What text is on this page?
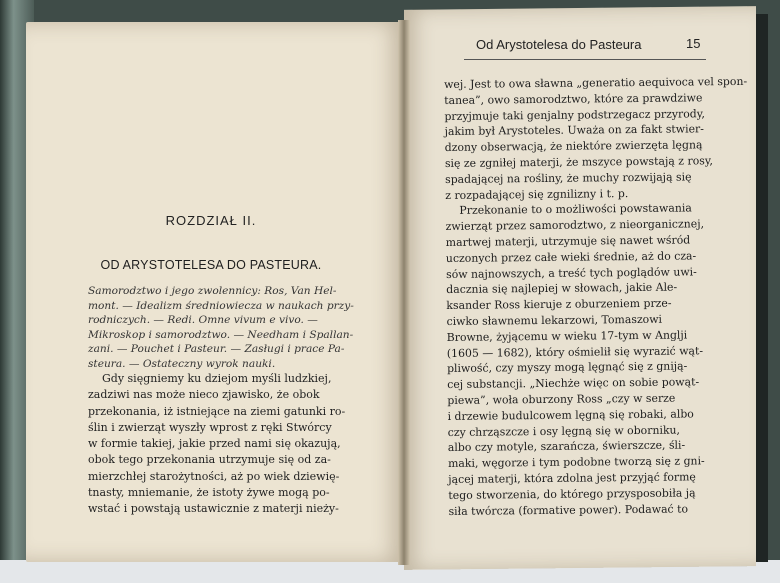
ROZDZIAŁ II.
OD ARYSTOTELESA DO PASTEURA.
Samorodztwo i jego zwolennicy: Ros, Van Hel-
mont. — Idealizm średniowiecza w naukach przy-
rodniczych. — Redi. Omne vivum e vivo. —
Mikroskop i samorodztwo. — Needham i Spallan-
zani. — Pouchet i Pasteur. — Zasługi i prace Pa-
steura. — Ostateczny wyrok nauki.
Gdy sięgniemy ku dziejom myśli ludzkiej,
zadziwi nas może nieco zjawisko, że obok
przekonania, iż istniejące na ziemi gatunki ro-
ślin i zwierząt wyszły wprost z ręki Stwórcy
w formie takiej, jakie przed nami się okazują,
obok tego przekonania utrzymuje się od za-
mierzchłej starożytności, aż po wiek dziewię-
tnasty, mniemanie, że istoty żywe mogą po-
wstać i powstają ustawicznie z materji nieży-
Od Arystotelesa do Pasteura	15
wej. Jest to owa sławna „generatio aequivoca vel spon-
tanea”, owo samorodztwo, które za prawdziwe
przyjmuje taki genjalny podstrzegacz przyrody,
jakim był Arystoteles. Uważa on za fakt stwier-
dzony obserwacją, że niektóre zwierzęta lęgną
się ze zgniłej materji, że mszyce powstają z rosy,
spadającej na rośliny, że muchy rozwijają się
z rozpadającej się zgnilizny i t. p.
Przekonanie to o możliwości powstawania
zwierząt przez samorodztwo, z nieorganicznej,
martwej materji, utrzymuje się nawet wśród
uczonych przez całe wieki średnie, aż do cza-
sów najnowszych, a treść tych poglądów uwi-
dacznia się najlepiej w słowach, jakie Ale-
ksander Ross kieruje z oburzeniem prze-
ciwko sławnemu lekarzowi, Tomaszowi
Browne, żyjącemu w wieku 17-tym w Anglji
(1605 — 1682), który ośmielił się wyrazić wąt-
pliwość, czy myszy mogą lęgnąć się z gniją-
cej substancji. „Niechże więc on sobie powąt-
piewa”, woła oburzony Ross „czy w serze
i drzewie budulcowem lęgną się robaki, albo
czy chrząszcze i osy lęgną się w oborniku,
albo czy motyle, szarańcza, świerszcze, śli-
maki, węgorze i tym podobne tworzą się z gni-
jącej materji, która zdolna jest przyjąć formę
tego stworzenia, do którego przysposobiła ją
siła twórcza (formative power). Podawać to
